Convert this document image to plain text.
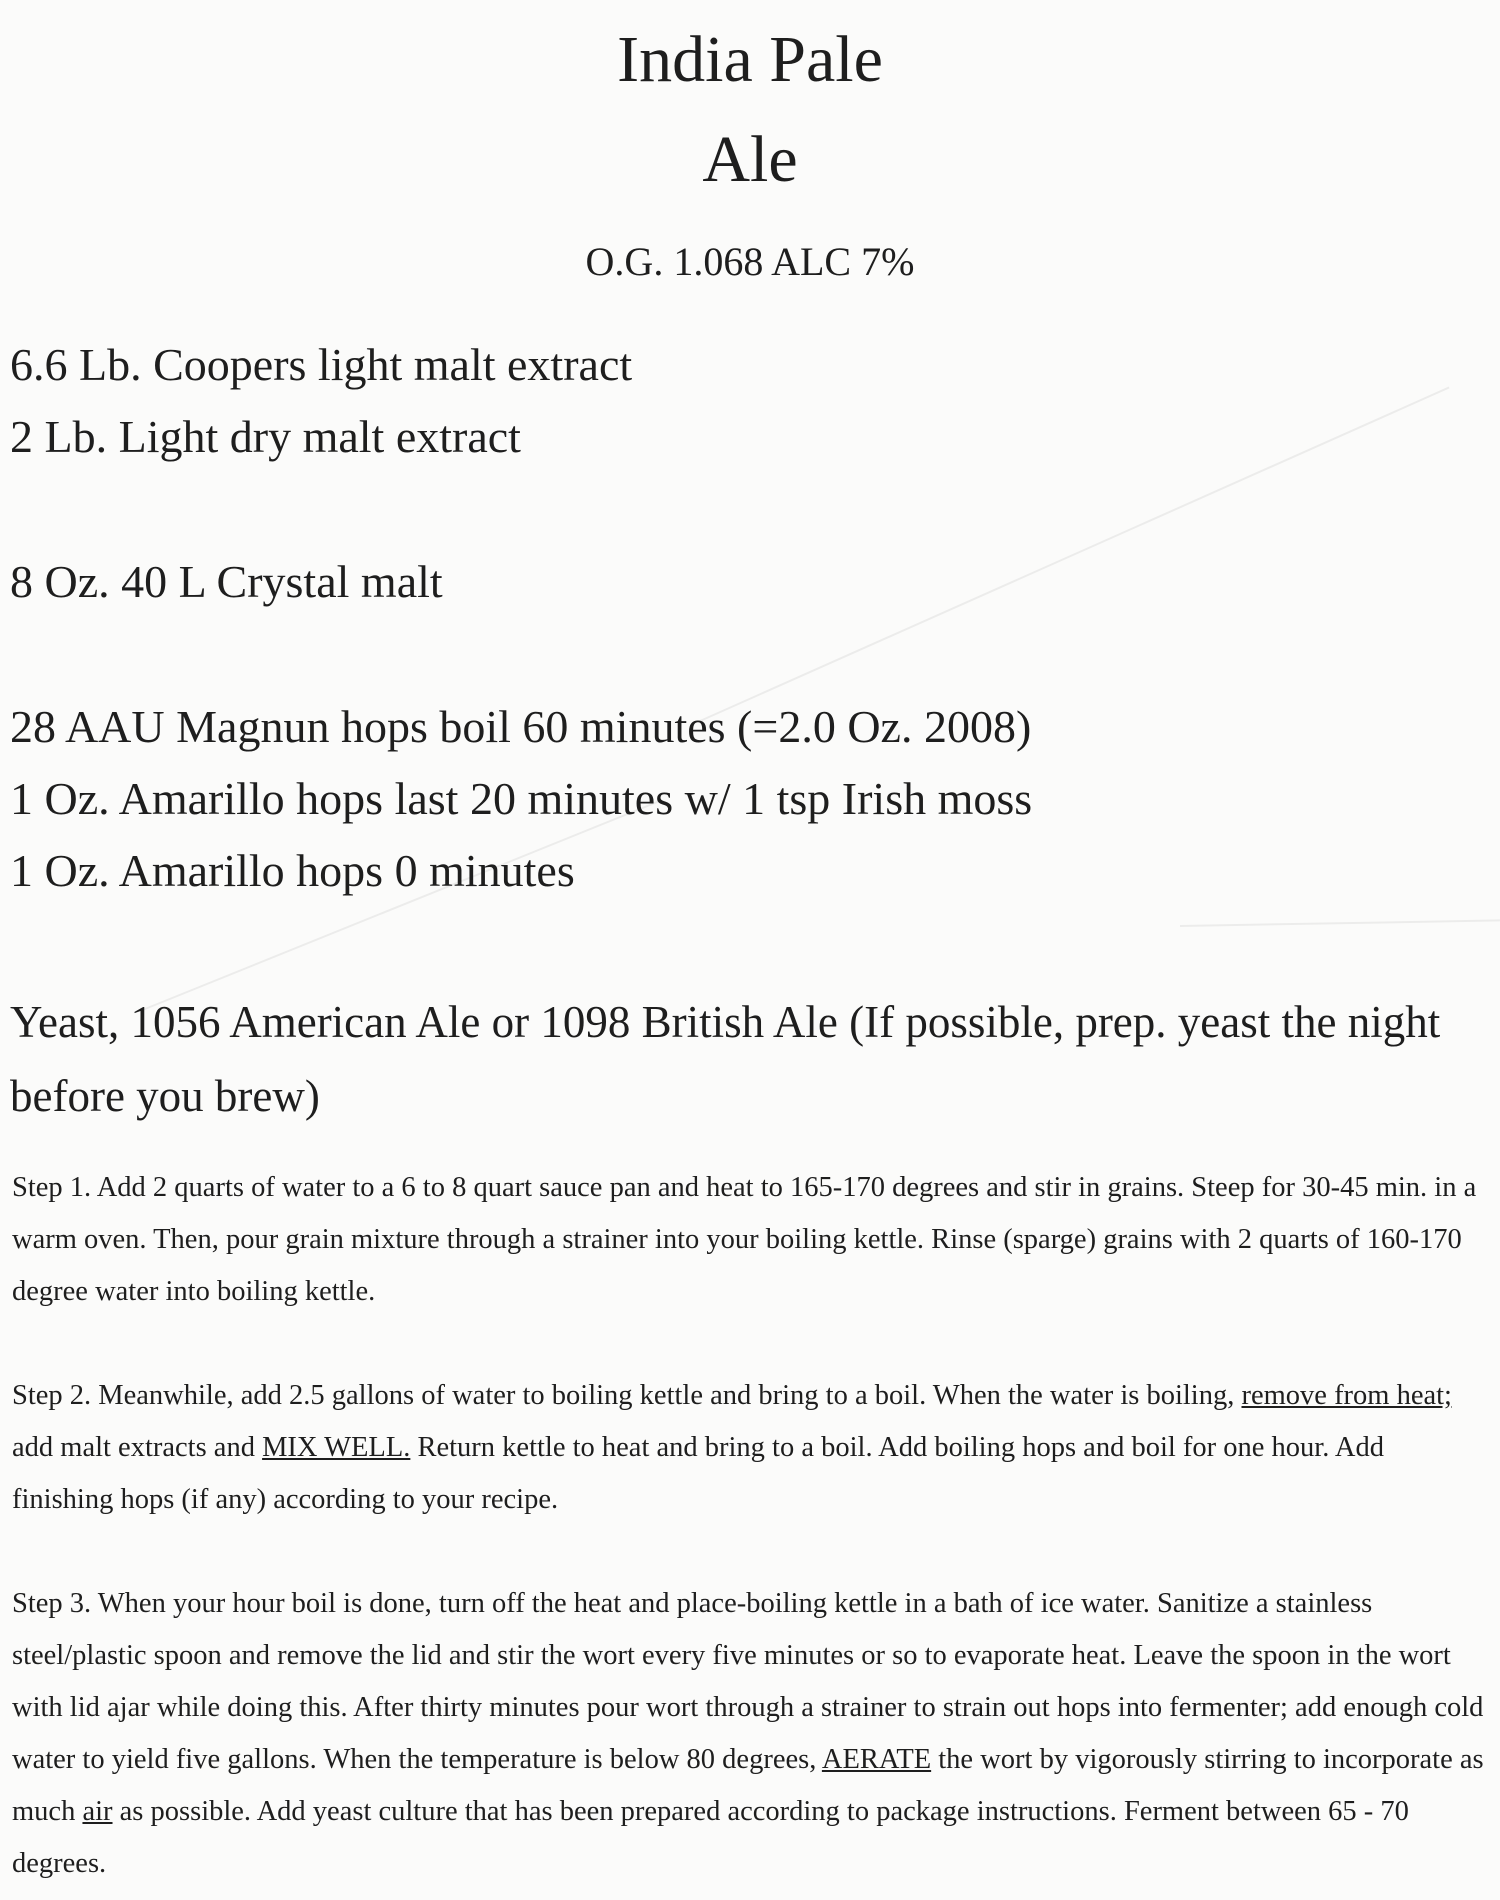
India Pale
Ale
O.G. 1.068 ALC 7%

6.6 Lb. Coopers light malt extract

2 Lb. Light dry malt extract

8 Oz. 40 L Crystal malt

28 AAU Magnun hops boil 60 minutes (=2.0 Oz. 2008)

1 Oz. Amarillo hops last 20 minutes w/ 1 tsp Irish moss

1 Oz. Amarillo hops 0 minutes

Yeast, 1056 American Ale or 1098 British Ale (If possible, prep. yeast the night before you brew)

Step 1. Add 2 quarts of water to a 6 to 8 quart sauce pan and heat to 165-170 degrees and stir in grains. Steep for 30-45 min. in a warm oven. Then, pour grain mixture through a strainer into your boiling kettle. Rinse (sparge) grains with 2 quarts of 160-170 degree water into boiling kettle.

Step 2. Meanwhile, add 2.5 gallons of water to boiling kettle and bring to a boil. When the water is boiling, remove from heat; add malt extracts and MIX WELL. Return kettle to heat and bring to a boil. Add boiling hops and boil for one hour. Add finishing hops (if any) according to your recipe.

Step 3. When your hour boil is done, turn off the heat and place-boiling kettle in a bath of ice water. Sanitize a stainless steel/plastic spoon and remove the lid and stir the wort every five minutes or so to evaporate heat. Leave the spoon in the wort with lid ajar while doing this. After thirty minutes pour wort through a strainer to strain out hops into fermenter; add enough cold water to yield five gallons. When the temperature is below 80 degrees, AERATE the wort by vigorously stirring to incorporate as much air as possible. Add yeast culture that has been prepared according to package instructions. Ferment between 65 - 70 degrees.
